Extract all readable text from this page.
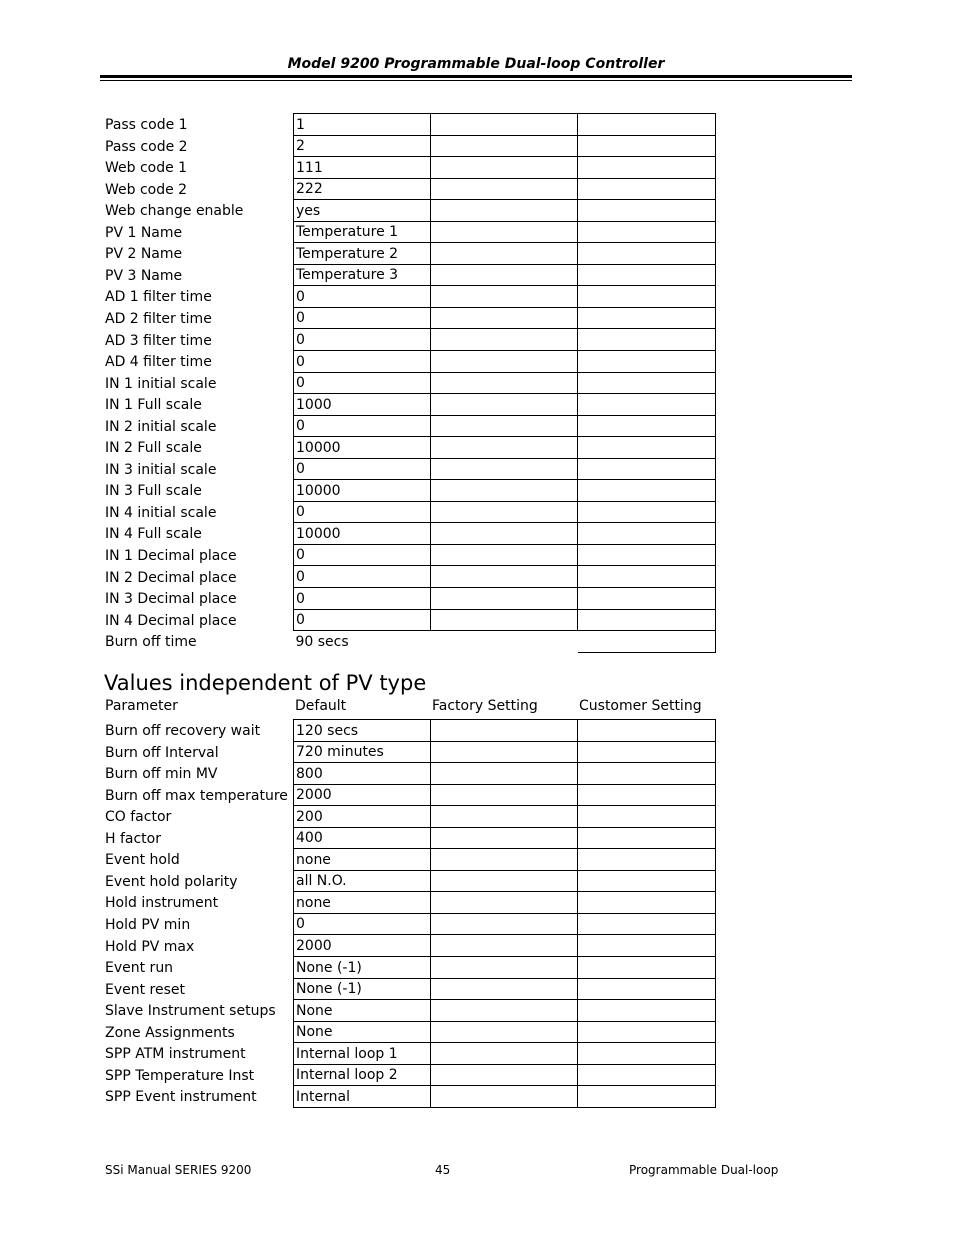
Model 9200 Programmable Dual-loop Controller
Pass code 1	1		
Pass code 2	2		
Web code 1	111		
Web code 2	222		
Web change enable	yes		
PV 1 Name	Temperature 1		
PV 2 Name	Temperature 2		
PV 3 Name	Temperature 3		
AD 1 filter time	0		
AD 2 filter time	0		
AD 3 filter time	0		
AD 4 filter time	0		
IN 1 initial scale	0		
IN 1 Full scale	1000		
IN 2 initial scale	0		
IN 2 Full scale	10000		
IN 3 initial scale	0		
IN 3 Full scale	10000		
IN 4 initial scale	0		
IN 4 Full scale	10000		
IN 1 Decimal place	0		
IN 2 Decimal place	0		
IN 3 Decimal place	0		
IN 4 Decimal place	0		
Burn off time	90 secs		
Values independent of PV type
Parameter	Default	Factory Setting	Customer Setting
Burn off recovery wait	120 secs		
Burn off Interval	720 minutes		
Burn off min MV	800		
Burn off max temperature	2000		
CO factor	200		
H factor	400		
Event hold	none		
Event hold polarity	all N.O.		
Hold instrument	none		
Hold PV min	0		
Hold PV max	2000		
Event run	None (-1)		
Event reset	None (-1)		
Slave Instrument setups	None		
Zone Assignments	None		
SPP ATM instrument	Internal loop 1		
SPP Temperature Inst	Internal loop 2		
SPP Event instrument	Internal		
SSi Manual SERIES 9200	45	Programmable Dual-loop
